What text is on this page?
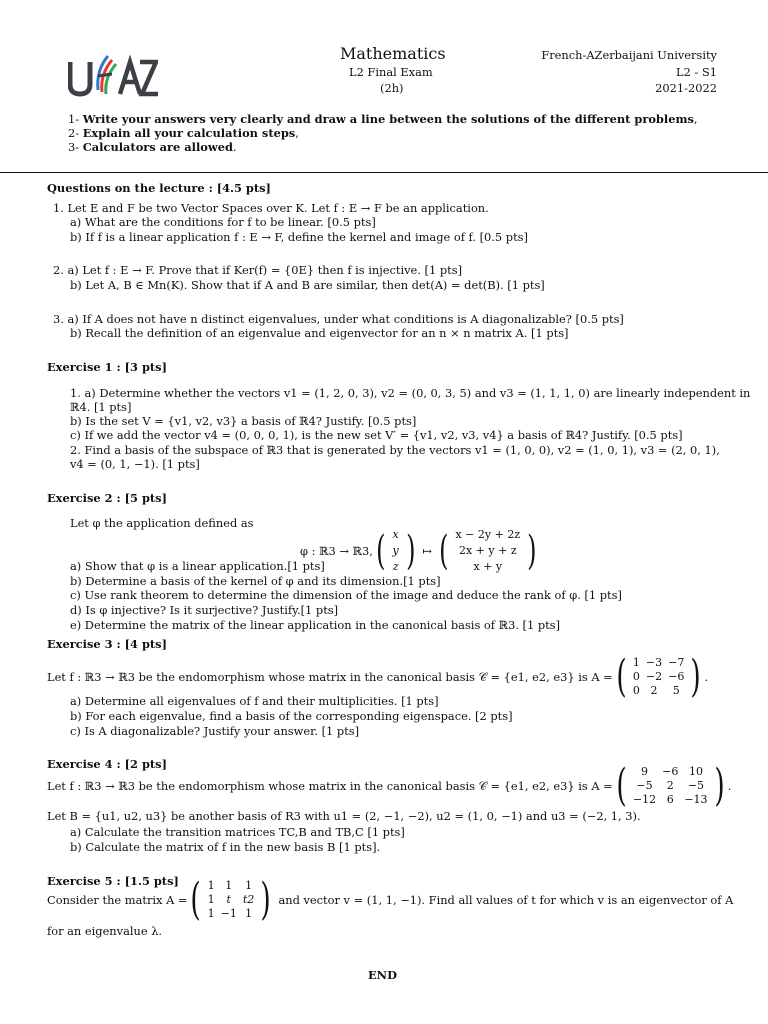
Mathematics
L2 Final Exam
(2h)
French-AZerbaijani University
L2 - S1
2021-2022
1- Write your answers very clearly and draw a line between the solutions of the different problems,
2- Explain all your calculation steps,
3- Calculators are allowed.
Questions on the lecture : [4.5 pts]
1. Let E and F be two Vector Spaces over K. Let f : E → F be an application.
a) What are the conditions for f to be linear. [0.5 pts]
b) If f is a linear application f : E → F, define the kernel and image of f. [0.5 pts]
2. a) Let f : E → F. Prove that if Ker(f) = {0E} then f is injective. [1 pts]
b) Let A, B ∈ Mn(K). Show that if A and B are similar, then det(A) = det(B). [1 pts]
3. a) If A does not have n distinct eigenvalues, under what conditions is A diagonalizable? [0.5 pts]
b) Recall the definition of an eigenvalue and eigenvector for an n × n matrix A. [1 pts]
Exercise 1 : [3 pts]
1. a) Determine whether the vectors v1 = (1, 2, 0, 3), v2 = (0, 0, 3, 5) and v3 = (1, 1, 1, 0) are linearly independent in
ℝ4. [1 pts]
b) Is the set V = {v1, v2, v3} a basis of ℝ4? Justify. [0.5 pts]
c) If we add the vector v4 = (0, 0, 0, 1), is the new set V′ = {v1, v2, v3, v4} a basis of ℝ4? Justify. [0.5 pts]
2. Find a basis of the subspace of ℝ3 that is generated by the vectors v1 = (1, 0, 0), v2 = (1, 0, 1), v3 = (2, 0, 1),
v4 = (0, 1, −1). [1 pts]
Exercise 2 : [5 pts]
Let φ the application defined as
φ : ℝ3 → ℝ3, ( x
y
z ) ↦ ( x − 2y + 2z
2x + y + z
x + y )
a) Show that φ is a linear application.[1 pts]
b) Determine a basis of the kernel of φ and its dimension.[1 pts]
c) Use rank theorem to determine the dimension of the image and deduce the rank of φ. [1 pts]
d) Is φ injective? Is it surjective? Justify.[1 pts]
e) Determine the matrix of the linear application in the canonical basis of ℝ3. [1 pts]
Exercise 3 : [4 pts]
Let f : ℝ3 → ℝ3 be the endomorphism whose matrix in the canonical basis 𝒞 = {e1, e2, e3} is A = ( 1	−3	−7
0	−2	−6
0	2	5 ) .
a) Determine all eigenvalues of f and their multiplicities. [1 pts]
b) For each eigenvalue, find a basis of the corresponding eigenspace. [2 pts]
c) Is A diagonalizable? Justify your answer. [1 pts]
Exercise 4 : [2 pts]
Let f : ℝ3 → ℝ3 be the endomorphism whose matrix in the canonical basis 𝒞 = {e1, e2, e3} is A = ( 9	−6	10
−5	2	−5
−12	6	−13 ) .
Let B = {u1, u2, u3} be another basis of R3 with u1 = (2, −1, −2), u2 = (1, 0, −1) and u3 = (−2, 1, 3).
a) Calculate the transition matrices TC,B and TB,C [1 pts]
b) Calculate the matrix of f in the new basis B [1 pts].
Exercise 5 : [1.5 pts]
Consider the matrix A = ( 1	1	1
1	t	t2
1	−1	1 ) and vector v = (1, 1, −1). Find all values of t for which v is an eigenvector of A
for an eigenvalue λ.
END
